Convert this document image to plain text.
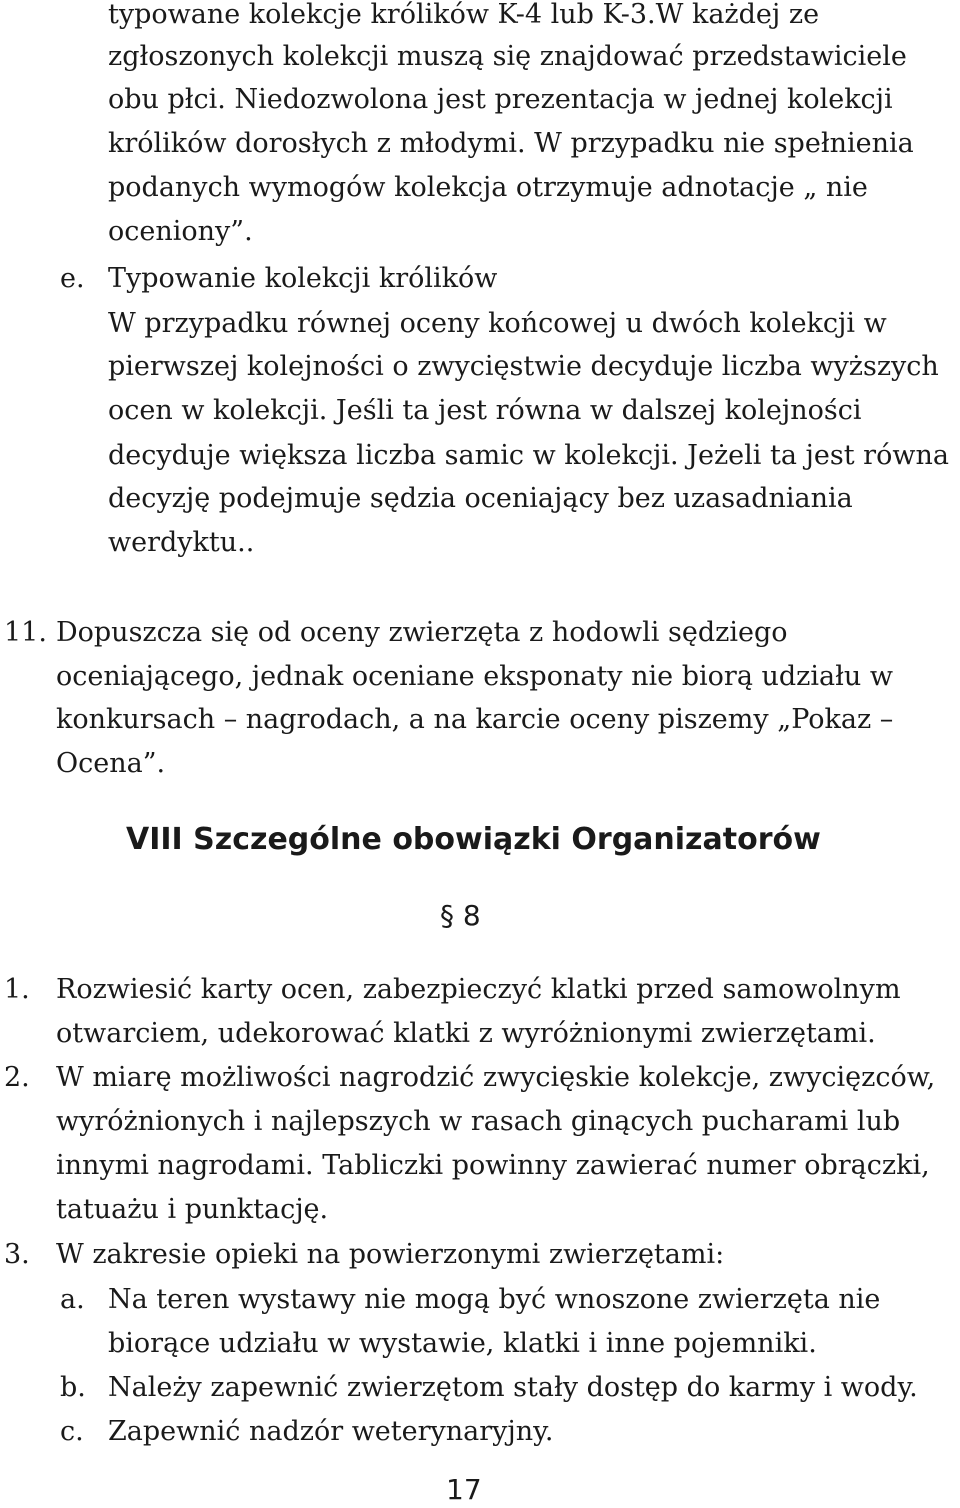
typowane kolekcje królików K-4 lub K-3.W każdej ze
zgłoszonych kolekcji muszą się znajdować przedstawiciele
obu płci. Niedozwolona jest prezentacja w jednej kolekcji
królików dorosłych z młodymi. W przypadku nie spełnienia
podanych wymogów kolekcja otrzymuje adnotacje „ nie
oceniony”.
e. Typowanie kolekcji królików
W przypadku równej oceny końcowej u dwóch kolekcji w
pierwszej kolejności o zwycięstwie decyduje liczba wyższych
ocen w kolekcji. Jeśli ta jest równa w dalszej kolejności
decyduje większa liczba samic w kolekcji. Jeżeli ta jest równa
decyzję podejmuje sędzia oceniający bez uzasadniania
werdyktu..
11. Dopuszcza się od oceny zwierzęta z hodowli sędziego
oceniającego, jednak oceniane eksponaty nie biorą udziału w
konkursach – nagrodach, a na karcie oceny piszemy „Pokaz –
Ocena”.
VIII Szczególne obowiązki Organizatorów
§ 8
1. Rozwiesić karty ocen, zabezpieczyć klatki przed samowolnym
otwarciem, udekorować klatki z wyróżnionymi zwierzętami.
2. W miarę możliwości nagrodzić zwycięskie kolekcje, zwycięzców,
wyróżnionych i najlepszych w rasach ginących pucharami lub
innymi nagrodami. Tabliczki powinny zawierać numer obrączki,
tatuażu i punktację.
3. W zakresie opieki na powierzonymi zwierzętami:
a. Na teren wystawy nie mogą być wnoszone zwierzęta nie
biorące udziału w wystawie, klatki i inne pojemniki.
b. Należy zapewnić zwierzętom stały dostęp do karmy i wody.
c. Zapewnić nadzór weterynaryjny.
17
